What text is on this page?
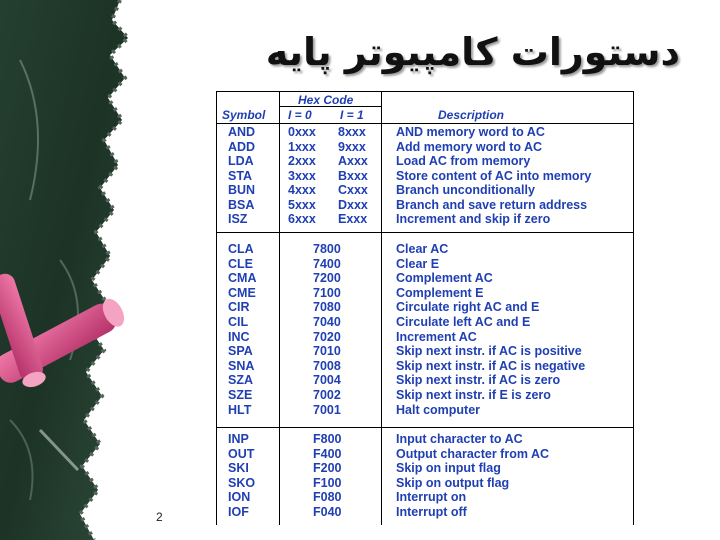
دستورات کامپیوتر پایه
2
Symbol
Hex Code
I = 0 I = 1	Description
AND	0xxx 8xxx AND memory word to AC
ADD	1xxx 9xxx Add memory word to AC
LDA	2xxx Axxx Load AC from memory
STA	3xxx Bxxx Store content of AC into memory
BUN	4xxx Cxxx Branch unconditionally
BSA	5xxx Dxxx Branch and save return address
ISZ	6xxx Exxx Increment and skip if zero
CLA	7800	Clear AC
CLE	7400	Clear E
CMA	7200	Complement AC
CME	7100	Complement E
CIR	7080	Circulate right AC and E
CIL	7040	Circulate left AC and E
INC	7020	Increment AC
SPA	7010	Skip next instr. if AC is positive
SNA	7008	Skip next instr. if AC is negative
SZA	7004	Skip next instr. if AC is zero
SZE	7002	Skip next instr. if E is zero
HLT	7001	Halt computer
INP	F800	Input character to AC
OUT	F400	Output character from AC
SKI	F200	Skip on input flag
SKO	F100	Skip on output flag
ION	F080	Interrupt on
IOF	F040	Interrupt off
